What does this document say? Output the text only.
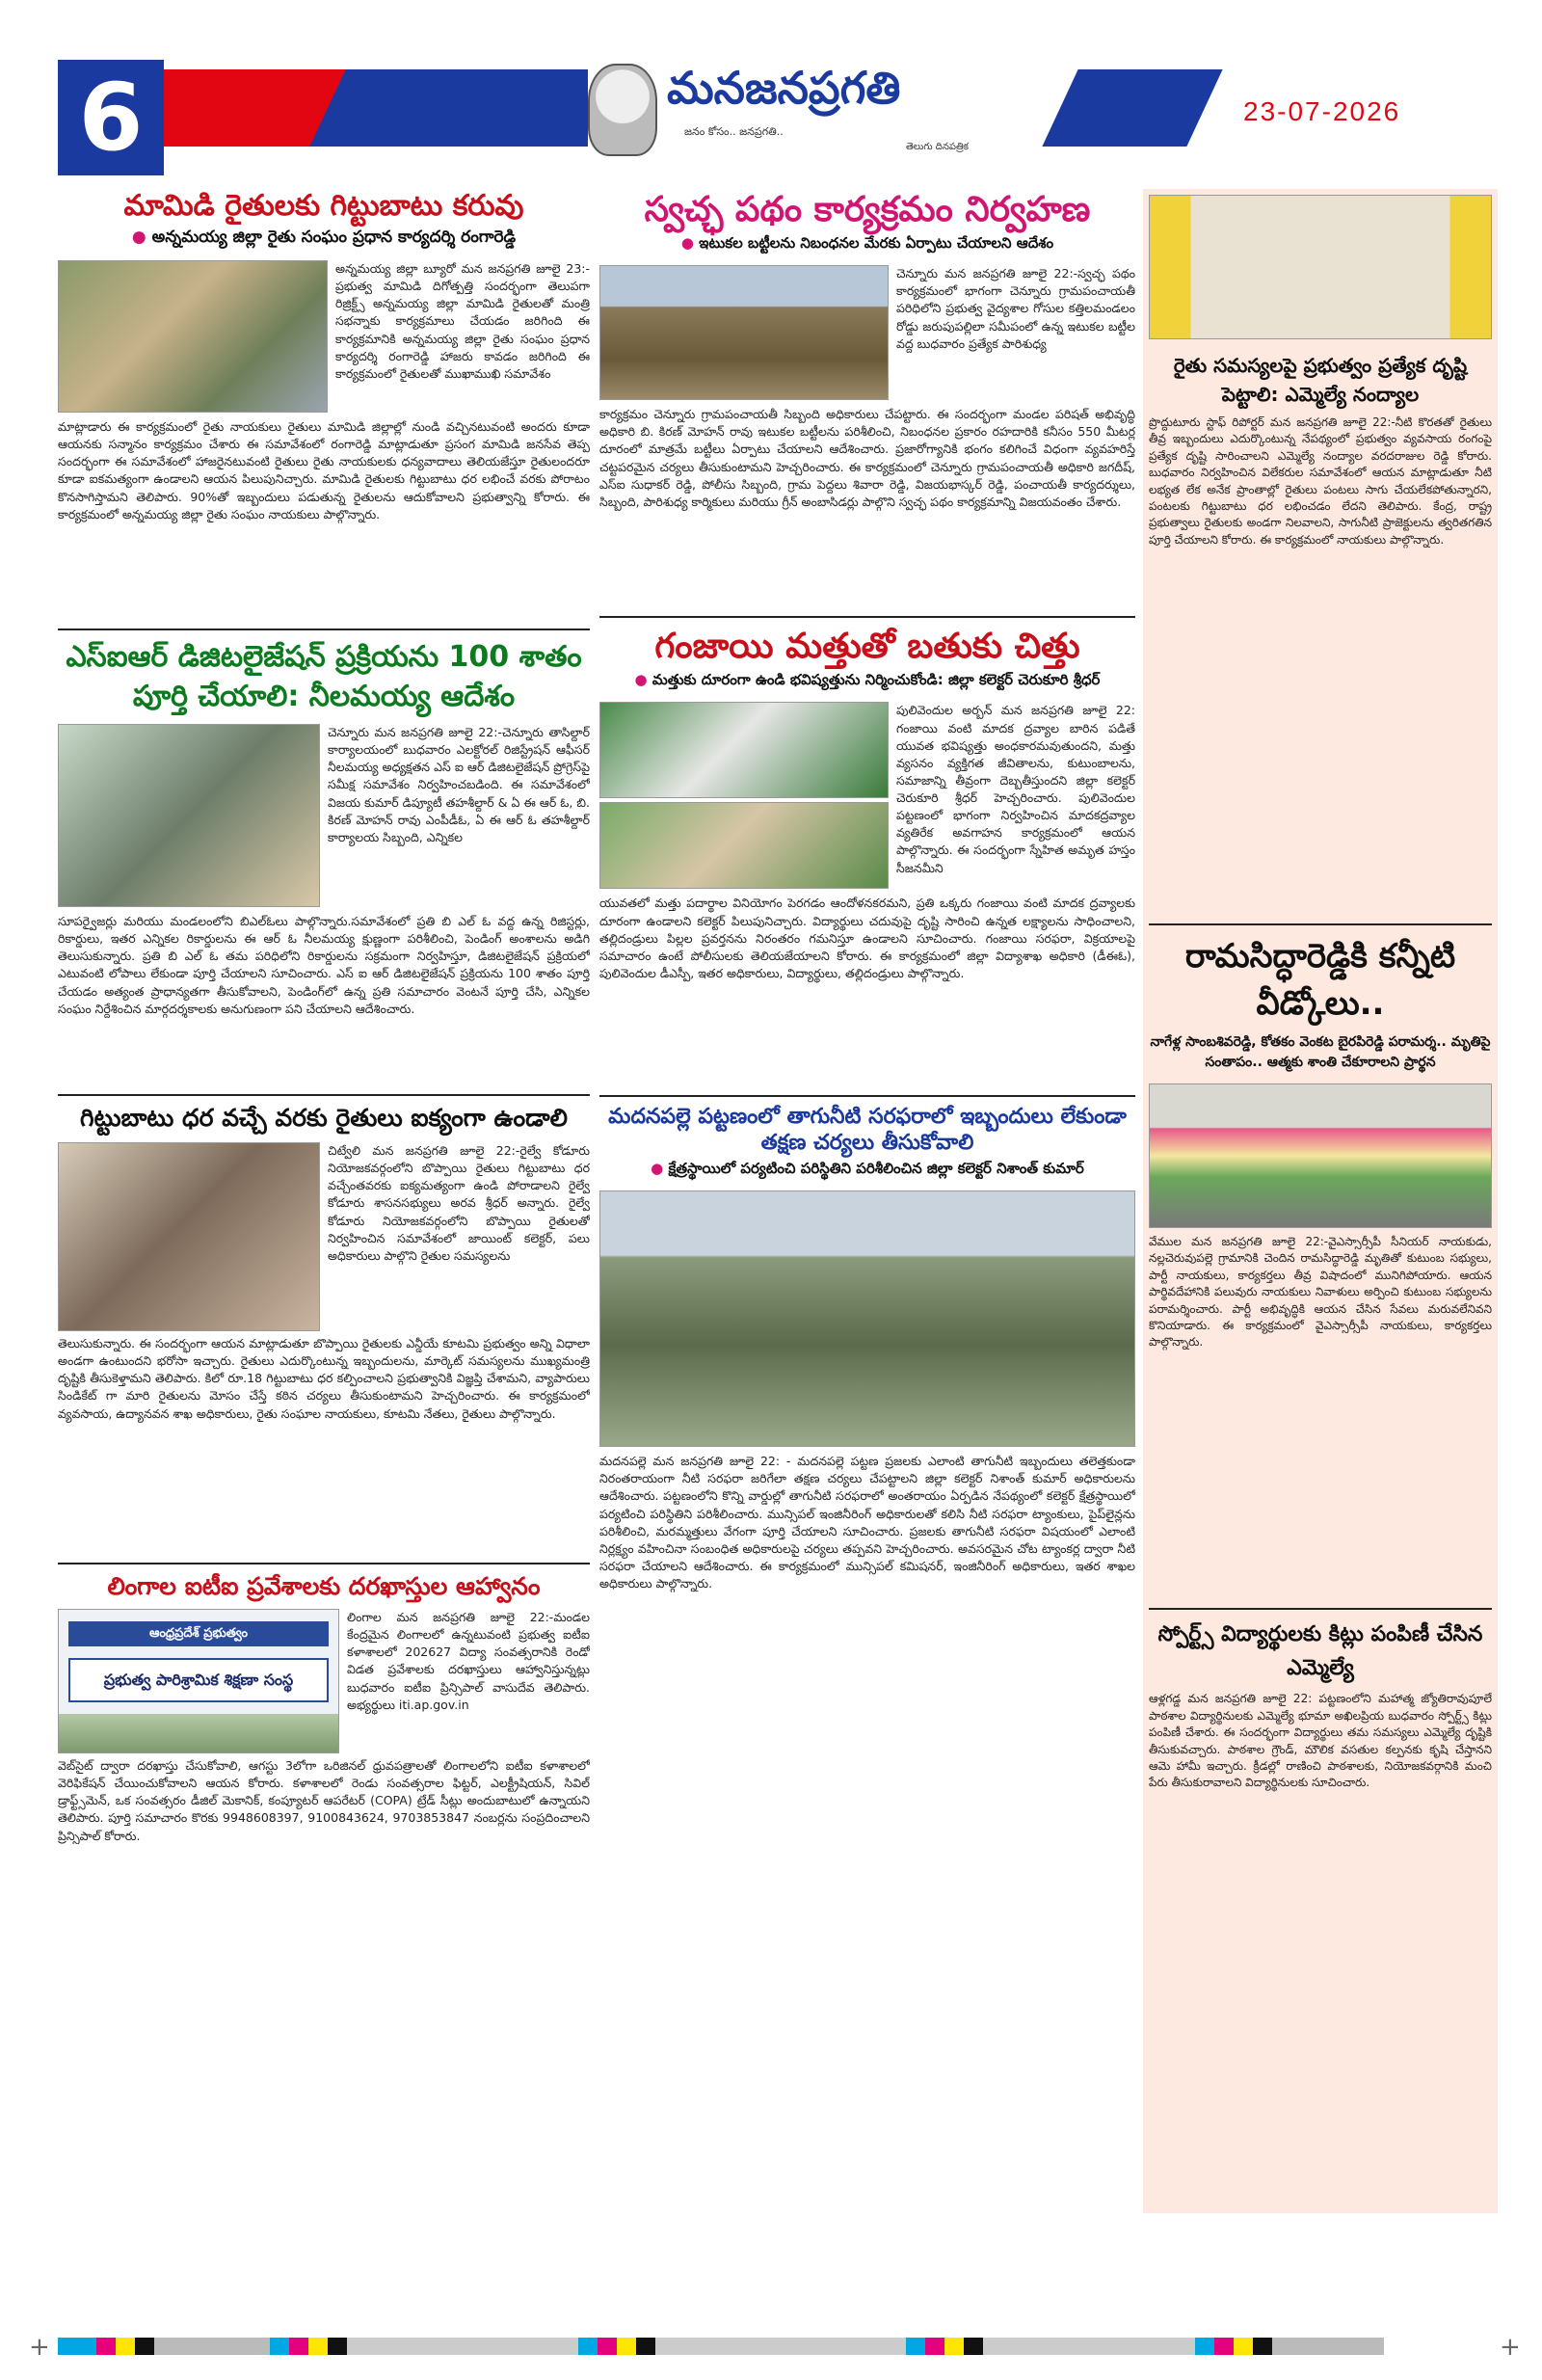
6	మనజనప్రగతి
జనం కోసం.. జనప్రగతి..
తెలుగు దినపత్రిక
23-07-2026
మామిడి రైతులకు గిట్టుబాటు కరువు
● అన్నమయ్య జిల్లా రైతు సంఘం ప్రధాన కార్యదర్శి రంగారెడ్డి

అన్నమయ్య జిల్లా బ్యూరో మన జనప్రగతి జూలై 23:-ప్రభుత్వ మామిడి దిగోత్పత్తి సందర్భంగా తెలుపగా రిజ్రిక్ట్స్ అన్నమయ్య జిల్లా మామిడి రైతులతో మంత్రి సభన్నాకు కార్యక్రమాలు చేయడం జరిగింది ఈ కార్యక్రమానికి అన్నమయ్య జిల్లా రైతు సంఘం ప్రధాన కార్యదర్శి రంగారెడ్డి హాజరు కావడం జరిగింది ఈ కార్యక్రమంలో రైతులతో ముఖాముఖి సమావేశం

మాట్లాడారు ఈ కార్యక్రమంలో రైతు నాయకులు రైతులు మామిడి జిల్లాల్లో నుండి వచ్చినటువంటి అందరు కూడా ఆయనకు సన్మానం కార్యక్రమం చేశారు ఈ సమావేశంలో రంగారెడ్డి మాట్లాడుతూ ప్రసంగ మామిడి జనసేవ తెప్ప సందర్భంగా ఈ సమావేశంలో హాజరైనటువంటి రైతులు రైతు నాయకులకు ధన్యవాదాలు తెలియజేస్తూ రైతులందరూ కూడా ఐకమత్యంగా ఉండాలని ఆయన పిలుపునిచ్చారు. మామిడి రైతులకు గిట్టుబాటు ధర లభించే వరకు పోరాటం కొనసాగిస్తామని తెలిపారు. 90%తో ఇబ్బందులు పడుతున్న రైతులను ఆదుకోవాలని ప్రభుత్వాన్ని కోరారు. ఈ కార్యక్రమంలో అన్నమయ్య జిల్లా రైతు సంఘం నాయకులు పాల్గొన్నారు.

ఎస్ఐఆర్ డిజిటలైజేషన్ ప్రక్రియను 100 శాతం పూర్తి చేయాలి: నీలమయ్య ఆదేశం

చెన్నూరు మన జనప్రగతి జూలై 22:-చెన్నూరు తాసిల్దార్ కార్యాలయంలో బుధవారం ఎలక్టోరల్ రిజిస్ట్రేషన్ ఆఫీసర్ నీలమయ్య అధ్యక్షతన ఎస్ ఐ ఆర్ డిజిటలైజేషన్ ప్రోగ్రెస్‌పై సమీక్ష సమావేశం నిర్వహించబడింది. ఈ సమావేశంలో విజయ కుమార్ డిప్యూటీ తహశీల్దార్ & ఏ ఈ ఆర్ ఓ, బి. కిరణ్ మోహన్ రావు ఎంపీడీఓ, ఏ ఈ ఆర్ ఓ తహశీల్దార్ కార్యాలయ సిబ్బంది, ఎన్నికల

సూపర్వైజర్లు మరియు మండలంలోని బిఎల్ఓలు పాల్గొన్నారు.సమావేశంలో ప్రతి బి ఎల్ ఓ వద్ద ఉన్న రిజిస్టర్లు, రికార్డులు, ఇతర ఎన్నికల రికార్డులను ఈ ఆర్ ఓ నీలమయ్య క్షుణ్ణంగా పరిశీలించి, పెండింగ్ అంశాలను అడిగి తెలుసుకున్నారు. ప్రతి బి ఎల్ ఓ తమ పరిధిలోని రికార్డులను సక్రమంగా నిర్వహిస్తూ, డిజిటలైజేషన్ ప్రక్రియలో ఎటువంటి లోపాలు లేకుండా పూర్తి చేయాలని సూచించారు. ఎస్ ఐ ఆర్ డిజిటలైజేషన్ ప్రక్రియను 100 శాతం పూర్తి చేయడం అత్యంత ప్రాధాన్యతగా తీసుకోవాలని, పెండింగ్‌లో ఉన్న ప్రతి సమాచారం వెంటనే పూర్తి చేసి, ఎన్నికల సంఘం నిర్దేశించిన మార్గదర్శకాలకు అనుగుణంగా పని చేయాలని ఆదేశించారు.

గిట్టుబాటు ధర వచ్చే వరకు రైతులు ఐక్యంగా ఉండాలి

చిట్వేలి మన జనప్రగతి జూలై 22:-రైల్వే కోడూరు నియోజకవర్గంలోని బొప్పాయి రైతులు గిట్టుబాటు ధర వచ్చేంతవరకు ఐక్యమత్యంగా ఉండి పోరాడాలని రైల్వే కోడూరు శాసనసభ్యులు అరవ శ్రీధర్ అన్నారు. రైల్వే కోడూరు నియోజకవర్గంలోని బొప్పాయి రైతులతో నిర్వహించిన సమావేశంలో జాయింట్ కలెక్టర్, పలు అధికారులు పాల్గొని రైతుల సమస్యలను

తెలుసుకున్నారు. ఈ సందర్భంగా ఆయన మాట్లాడుతూ బొప్పాయి రైతులకు ఎన్డీయే కూటమి ప్రభుత్వం అన్ని విధాలా అండగా ఉంటుందని భరోసా ఇచ్చారు. రైతులు ఎదుర్కొంటున్న ఇబ్బందులను, మార్కెట్ సమస్యలను ముఖ్యమంత్రి దృష్టికి తీసుకెళ్తామని తెలిపారు. కిలో రూ.18 గిట్టుబాటు ధర కల్పించాలని ప్రభుత్వానికి విజ్ఞప్తి చేశామని, వ్యాపారులు సిండికేట్ గా మారి రైతులను మోసం చేస్తే కఠిన చర్యలు తీసుకుంటామని హెచ్చరించారు. ఈ కార్యక్రమంలో వ్యవసాయ, ఉద్యానవన శాఖ అధికారులు, రైతు సంఘాల నాయకులు, కూటమి నేతలు, రైతులు పాల్గొన్నారు.

లింగాల ఐటీఐ ప్రవేశాలకు దరఖాస్తుల ఆహ్వానం
ఆంధ్రప్రదేశ్ ప్రభుత్వం
ప్రభుత్వ పారిశ్రామిక శిక్షణా సంస్థ

లింగాల మన జనప్రగతి జూలై 22:-మండల కేంద్రమైన లింగాలలో ఉన్నటువంటి ప్రభుత్వ ఐటీఐ కళాశాలలో 202627 విద్యా సంవత్సరానికి రెండో విడత ప్రవేశాలకు దరఖాస్తులు ఆహ్వానిస్తున్నట్లు బుధవారం ఐటీఐ ప్రిన్సిపాల్ వాసుదేవ తెలిపారు. అభ్యర్థులు iti.ap.gov.in

వెబ్‌సైట్ ద్వారా దరఖాస్తు చేసుకోవాలి, ఆగస్టు 3లోగా ఒరిజినల్ ధ్రువపత్రాలతో లింగాలలోని ఐటీఐ కళాశాలలో వెరిఫికేషన్ చేయించుకోవాలని ఆయన కోరారు. కళాశాలలో రెండు సంవత్సరాల ఫిట్టర్, ఎలక్ట్రీషియన్, సివిల్ డ్రాఫ్ట్స్‌మెన్, ఒక సంవత్సరం డీజిల్ మెకానిక్, కంప్యూటర్ ఆపరేటర్ (COPA) ట్రేడ్ సీట్లు అందుబాటులో ఉన్నాయని తెలిపారు. పూర్తి సమాచారం కొరకు 9948608397, 9100843624, 9703853847 నంబర్లను సంప్రదించాలని ప్రిన్సిపాల్ కోరారు.

స్వచ్ఛ పథం కార్యక్రమం నిర్వహణ
● ఇటుకల బట్టీలను నిబంధనల మేరకు ఏర్పాటు చేయాలని ఆదేశం

చెన్నూరు మన జనప్రగతి జూలై 22:-స్వచ్ఛ పథం కార్యక్రమంలో భాగంగా చెన్నూరు గ్రామపంచాయతీ పరిధిలోని ప్రభుత్వ వైద్యశాల గోసుల కత్తిలమండలం రోడ్డు జరుపుపల్లిలా సమీపంలో ఉన్న ఇటుకల బట్టీల వద్ద బుధవారం ప్రత్యేక పారిశుధ్య

కార్యక్రమం చెన్నూరు గ్రామపంచాయతీ సిబ్బంది అధికారులు చేపట్టారు. ఈ సందర్భంగా మండల పరిషత్ అభివృద్ధి అధికారి బి. కిరణ్ మోహన్ రావు ఇటుకల బట్టీలను పరిశీలించి, నిబంధనల ప్రకారం రహదారికి కనీసం 550 మీటర్ల దూరంలో మాత్రమే బట్టీలు ఏర్పాటు చేయాలని ఆదేశించారు. ప్రజారోగ్యానికి భంగం కలిగించే విధంగా వ్యవహరిస్తే చట్టపరమైన చర్యలు తీసుకుంటామని హెచ్చరించారు. ఈ కార్యక్రమంలో చెన్నూరు గ్రామపంచాయతీ అధికారి జగదీష్, ఎస్ఐ సుధాకర్ రెడ్డి, పోలీసు సిబ్బంది, గ్రామ పెద్దలు శివారా రెడ్డి, విజయభాస్కర్ రెడ్డి, పంచాయతీ కార్యదర్శులు, సిబ్బంది, పారిశుధ్య కార్మికులు మరియు గ్రీన్ అంబాసిడర్లు పాల్గొని స్వచ్ఛ పథం కార్యక్రమాన్ని విజయవంతం చేశారు.

గంజాయి మత్తుతో బతుకు చిత్తు
● మత్తుకు దూరంగా ఉండి భవిష్యత్తును నిర్మించుకోండి: జిల్లా కలెక్టర్ చెరుకూరి శ్రీధర్

పులివెందుల అర్బన్ మన జనప్రగతి జూలై 22: గంజాయి వంటి మాదక ద్రవ్యాల బారిన పడితే యువత భవిష్యత్తు అంధకారమవుతుందని, మత్తు వ్యసనం వ్యక్తిగత జీవితాలను, కుటుంబాలను, సమాజాన్ని తీవ్రంగా దెబ్బతీస్తుందని జిల్లా కలెక్టర్ చెరుకూరి శ్రీధర్ హెచ్చరించారు. పులివెందుల పట్టణంలో భాగంగా నిర్వహించిన మాదకద్రవ్యాల వ్యతిరేక అవగాహన కార్యక్రమంలో ఆయన పాల్గొన్నారు. ఈ సందర్భంగా స్నేహిత అమృత హస్తం సీజనమీని

యువతలో మత్తు పదార్థాల వినియోగం పెరగడం ఆందోళనకరమని, ప్రతి ఒక్కరు గంజాయి వంటి మాదక ద్రవ్యాలకు దూరంగా ఉండాలని కలెక్టర్ పిలుపునిచ్చారు. విద్యార్థులు చదువుపై దృష్టి సారించి ఉన్నత లక్ష్యాలను సాధించాలని, తల్లిదండ్రులు పిల్లల ప్రవర్తనను నిరంతరం గమనిస్తూ ఉండాలని సూచించారు. గంజాయి సరఫరా, విక్రయాలపై సమాచారం ఉంటే పోలీసులకు తెలియజేయాలని కోరారు. ఈ కార్యక్రమంలో జిల్లా విద్యాశాఖ అధికారి (డీఈఓ), పులివెందుల డీఎస్పీ, ఇతర అధికారులు, విద్యార్థులు, తల్లిదండ్రులు పాల్గొన్నారు.

మదనపల్లె పట్టణంలో తాగునీటి సరఫరాలో ఇబ్బందులు లేకుండా తక్షణ చర్యలు తీసుకోవాలి
● క్షేత్రస్థాయిలో పర్యటించి పరిస్థితిని పరిశీలించిన జిల్లా కలెక్టర్ నిశాంత్ కుమార్

మదనపల్లె మన జనప్రగతి జూలై 22: - మదనపల్లె పట్టణ ప్రజలకు ఎలాంటి తాగునీటి ఇబ్బందులు తలెత్తకుండా నిరంతరాయంగా నీటి సరఫరా జరిగేలా తక్షణ చర్యలు చేపట్టాలని జిల్లా కలెక్టర్ నిశాంత్ కుమార్ అధికారులను ఆదేశించారు. పట్టణంలోని కొన్ని వార్డుల్లో తాగునీటి సరఫరాలో అంతరాయం ఏర్పడిన నేపథ్యంలో కలెక్టర్ క్షేత్రస్థాయిలో పర్యటించి పరిస్థితిని పరిశీలించారు. మున్సిపల్ ఇంజినీరింగ్ అధికారులతో కలిసి నీటి సరఫరా ట్యాంకులు, పైప్‌లైన్లను పరిశీలించి, మరమ్మత్తులు వేగంగా పూర్తి చేయాలని సూచించారు. ప్రజలకు తాగునీటి సరఫరా విషయంలో ఎలాంటి నిర్లక్ష్యం వహించినా సంబంధిత అధికారులపై చర్యలు తప్పవని హెచ్చరించారు. అవసరమైన చోట ట్యాంకర్ల ద్వారా నీటి సరఫరా చేయాలని ఆదేశించారు. ఈ కార్యక్రమంలో మున్సిపల్ కమిషనర్, ఇంజినీరింగ్ అధికారులు, ఇతర శాఖల అధికారులు పాల్గొన్నారు.

రైతు సమస్యలపై ప్రభుత్వం ప్రత్యేక దృష్టి పెట్టాలి: ఎమ్మెల్యే నంద్యాల

ప్రొద్దుటూరు స్టాఫ్ రిపోర్టర్ మన జనప్రగతి జూలై 22:-నీటి కొరతతో రైతులు తీవ్ర ఇబ్బందులు ఎదుర్కొంటున్న నేపథ్యంలో ప్రభుత్వం వ్యవసాయ రంగంపై ప్రత్యేక దృష్టి సారించాలని ఎమ్మెల్యే నంద్యాల వరదరాజుల రెడ్డి కోరారు. బుధవారం నిర్వహించిన విలేకరుల సమావేశంలో ఆయన మాట్లాడుతూ నీటి లభ్యత లేక అనేక ప్రాంతాల్లో రైతులు పంటలు సాగు చేయలేకపోతున్నారని, పంటలకు గిట్టుబాటు ధర లభించడం లేదని తెలిపారు. కేంద్ర, రాష్ట్ర ప్రభుత్వాలు రైతులకు అండగా నిలవాలని, సాగునీటి ప్రాజెక్టులను త్వరితగతిన పూర్తి చేయాలని కోరారు. ఈ కార్యక్రమంలో నాయకులు పాల్గొన్నారు.

రామసిద్ధారెడ్డికి కన్నీటి వీడ్కోలు..
నాగేళ్ల సాంబశివరెడ్డి, కోతకం వెంకట బైరపిరెడ్డి పరామర్శ.. మృతిపై సంతాపం.. ఆత్మకు శాంతి చేకూరాలని ప్రార్థన

వేముల మన జనప్రగతి జూలై 22:-వైఎస్సార్సీపీ సీనియర్ నాయకుడు, నల్లచెరువుపల్లె గ్రామానికి చెందిన రామసిద్ధారెడ్డి మృతితో కుటుంబ సభ్యులు, పార్టీ నాయకులు, కార్యకర్తలు తీవ్ర విషాదంలో మునిగిపోయారు. ఆయన పార్థివదేహానికి పలువురు నాయకులు నివాళులు అర్పించి కుటుంబ సభ్యులను పరామర్శించారు. పార్టీ అభివృద్ధికి ఆయన చేసిన సేవలు మరువలేనివని కొనియాడారు. ఈ కార్యక్రమంలో వైఎస్సార్సీపీ నాయకులు, కార్యకర్తలు పాల్గొన్నారు.

స్పోర్ట్స్ విద్యార్థులకు కిట్లు పంపిణీ చేసిన ఎమ్మెల్యే

ఆళ్లగడ్డ మన జనప్రగతి జూలై 22: పట్టణంలోని మహాత్మ జ్యోతిరావుపూలే పాఠశాల విద్యార్థినులకు ఎమ్మెల్యే భూమా అఖిలప్రియ బుధవారం స్పోర్ట్స్ కిట్లు పంపిణీ చేశారు. ఈ సందర్భంగా విద్యార్థులు తమ సమస్యలు ఎమ్మెల్యే దృష్టికి తీసుకువచ్చారు. పాఠశాల గ్రౌండ్, మౌలిక వసతుల కల్పనకు కృషి చేస్తానని ఆమె హామీ ఇచ్చారు. క్రీడల్లో రాణించి పాఠశాలకు, నియోజకవర్గానికి మంచి పేరు తీసుకురావాలని విద్యార్థినులకు సూచించారు.

+	+
